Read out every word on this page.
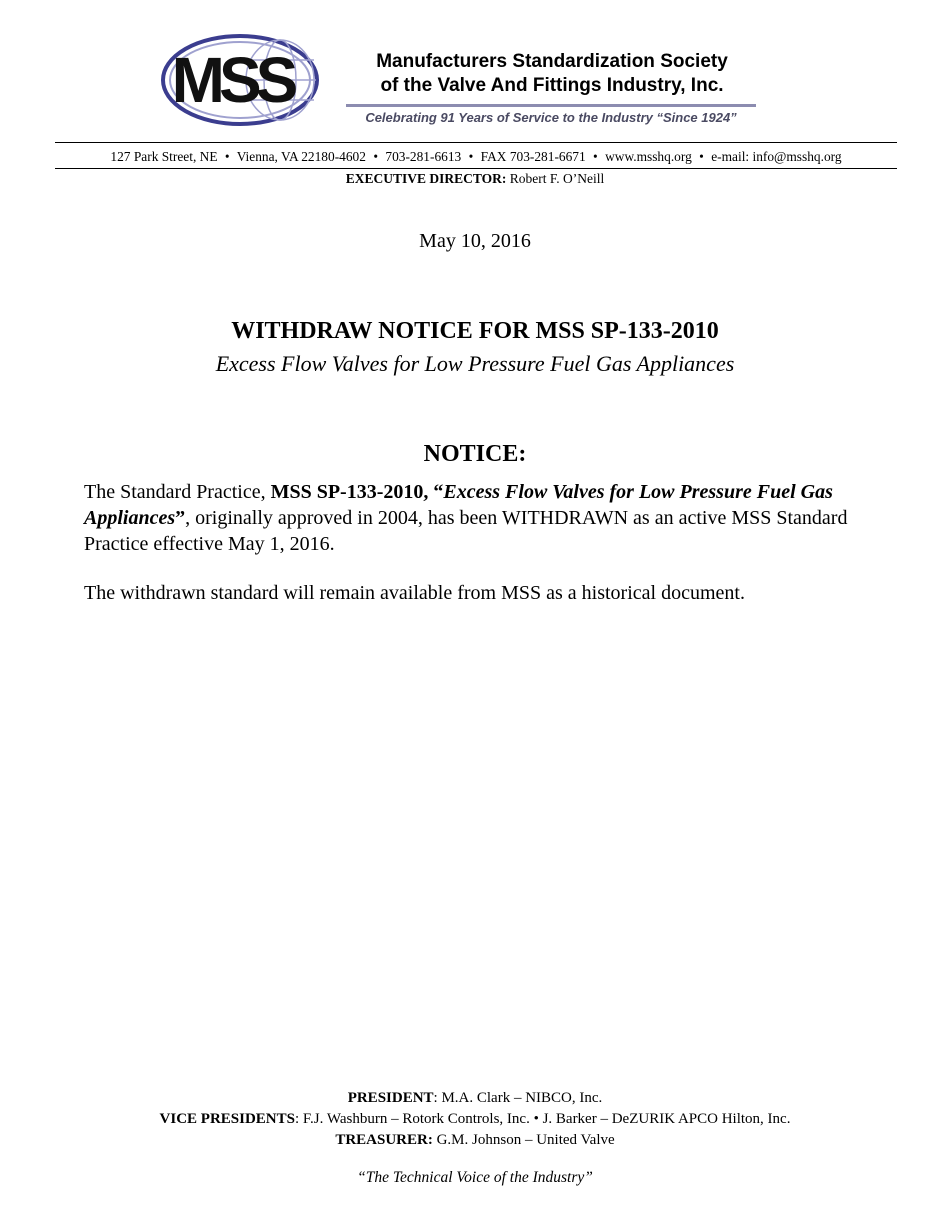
MSS	Manufacturers Standardization Society
of the Valve And Fittings Industry, Inc.
Celebrating 91 Years of Service to the Industry “Since 1924”
127 Park Street, NE • Vienna, VA 22180-4602 • 703-281-6613 • FAX 703-281-6671 • www.msshq.org • e-mail: info@msshq.org
EXECUTIVE DIRECTOR: Robert F. O’Neill
May 10, 2016
WITHDRAW NOTICE FOR MSS SP-133-2010
Excess Flow Valves for Low Pressure Fuel Gas Appliances
NOTICE:
The Standard Practice, MSS SP-133-2010, “Excess Flow Valves for Low Pressure Fuel Gas Appliances”, originally approved in 2004, has been WITHDRAWN as an active MSS Standard Practice effective May 1, 2016.
The withdrawn standard will remain available from MSS as a historical document.
PRESIDENT: M.A. Clark – NIBCO, Inc.
VICE PRESIDENTS: F.J. Washburn – Rotork Controls, Inc. • J. Barker – DeZURIK APCO Hilton, Inc.
TREASURER: G.M. Johnson – United Valve
“The Technical Voice of the Industry”
